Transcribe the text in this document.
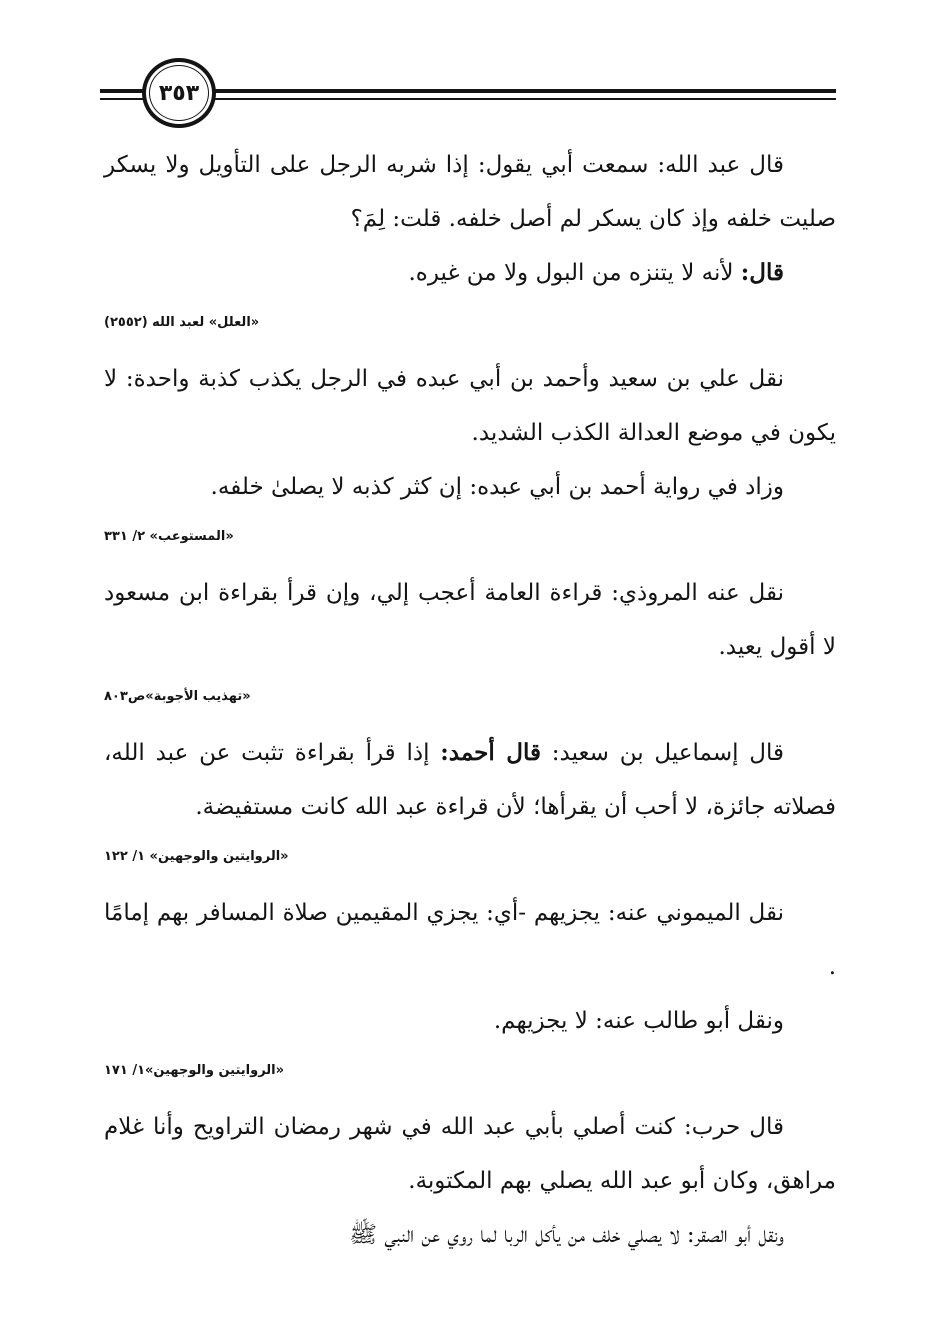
٣٥٣

قال عبد الله: سمعت أبي يقول: إذا شربه الرجل على التأويل ولا يسكر صليت خلفه وإذ كان يسكر لم أصل خلفه. قلت: لِمَ؟

قال: لأنه لا يتنزه من البول ولا من غيره.

«العلل» لعبد الله (٢٥٥٢)

نقل علي بن سعيد وأحمد بن أبي عبده في الرجل يكذب كذبة واحدة: لا يكون في موضع العدالة الكذب الشديد.

وزاد في رواية أحمد بن أبي عبده: إن كثر كذبه لا يصلىٰ خلفه.

«المستوعب» ٢/ ٣٣١

نقل عنه المروذي: قراءة العامة أعجب إلي، وإن قرأ بقراءة ابن مسعود لا أقول يعيد.

«تهذيب الأجوبة»ص٨٠٣

قال إسماعيل بن سعيد: قال أحمد: إذا قرأ بقراءة تثبت عن عبد الله، فصلاته جائزة، لا أحب أن يقرأها؛ لأن قراءة عبد الله كانت مستفيضة.

«الروايتين والوجهين» ١/ ١٢٢

نقل الميموني عنه: يجزيهم -أي: يجزي المقيمين صلاة المسافر بهم إمامًا .

ونقل أبو طالب عنه: لا يجزيهم.

«الروايتين والوجهين»١/ ١٧١

قال حرب: كنت أصلي بأبي عبد الله في شهر رمضان التراويح وأنا غلام مراهق، وكان أبو عبد الله يصلي بهم المكتوبة.

ونقل أبو الصقر: لا يصلي خلف من يأكل الربا لما روي عن النبي ﷺ
